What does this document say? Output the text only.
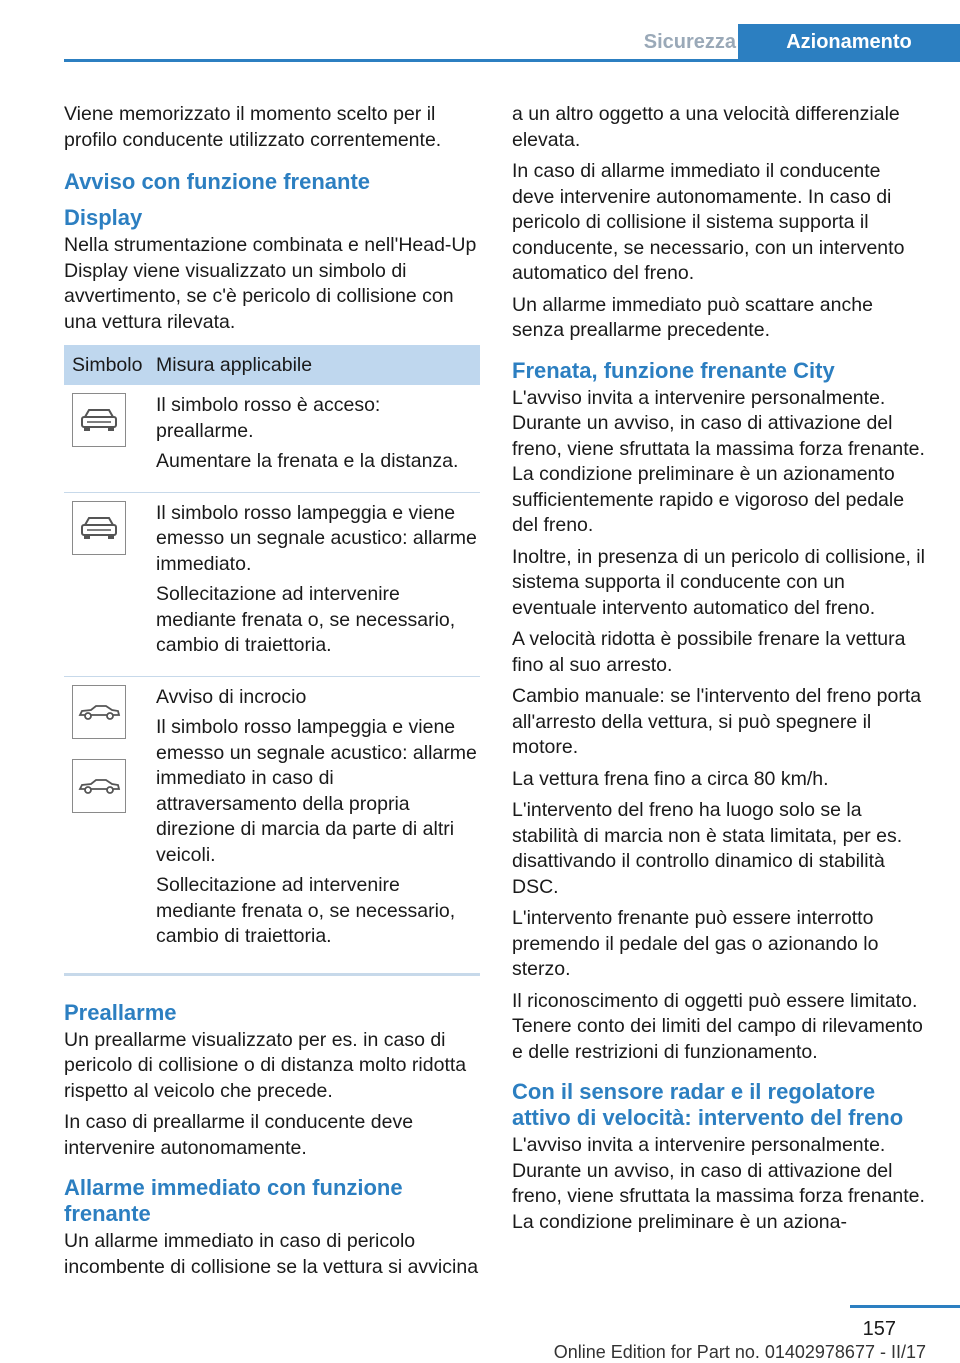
Sicurezza	Azionamento

Viene memorizzato il momento scelto per il profilo conducente utilizzato correntemente.

Avviso con funzione frenante
Display

Nella strumentazione combinata e nell'Head-Up Display viene visualizzato un simbolo di avvertimento, se c'è pericolo di collisione con una vettura rilevata.

Simbolo Misura applicabile

Il simbolo rosso è acceso: preallarme.

Aumentare la frenata e la distanza.

Il simbolo rosso lampeggia e viene emesso un segnale acustico: allarme immediato.

Sollecitazione ad intervenire mediante frenata o, se necessario, cambio di traiettoria.

Avviso di incrocio

Il simbolo rosso lampeggia e viene emesso un segnale acustico: allarme immediato in caso di attraversamento della propria direzione di marcia da parte di altri veicoli.

Sollecitazione ad intervenire mediante frenata o, se necessario, cambio di traiettoria.

Preallarme

Un preallarme visualizzato per es. in caso di pericolo di collisione o di distanza molto ridotta rispetto al veicolo che precede.

In caso di preallarme il conducente deve intervenire autonomamente.

Allarme immediato con funzione frenante

Un allarme immediato in caso di pericolo incombente di collisione se la vettura si avvicina

a un altro oggetto a una velocità differenziale elevata.

In caso di allarme immediato il conducente deve intervenire autonomamente. In caso di pericolo di collisione il sistema supporta il conducente, se necessario, con un intervento automatico del freno.

Un allarme immediato può scattare anche senza preallarme precedente.

Frenata, funzione frenante City

L'avviso invita a intervenire personalmente. Durante un avviso, in caso di attivazione del freno, viene sfruttata la massima forza frenante. La condizione preliminare è un azionamento sufficientemente rapido e vigoroso del pedale del freno.

Inoltre, in presenza di un pericolo di collisione, il sistema supporta il conducente con un eventuale intervento automatico del freno.

A velocità ridotta è possibile frenare la vettura fino al suo arresto.

Cambio manuale: se l'intervento del freno porta all'arresto della vettura, si può spegnere il motore.

La vettura frena fino a circa 80 km/h.

L'intervento del freno ha luogo solo se la stabilità di marcia non è stata limitata, per es. disattivando il controllo dinamico di stabilità DSC.

L'intervento frenante può essere interrotto premendo il pedale del gas o azionando lo sterzo.

Il riconoscimento di oggetti può essere limitato. Tenere conto dei limiti del campo di rilevamento e delle restrizioni di funzionamento.

Con il sensore radar e il regolatore attivo di velocità: intervento del freno

L'avviso invita a intervenire personalmente. Durante un avviso, in caso di attivazione del freno, viene sfruttata la massima forza frenante. La condizione preliminare è un aziona-

157
Online Edition for Part no. 01402978677 - II/17
